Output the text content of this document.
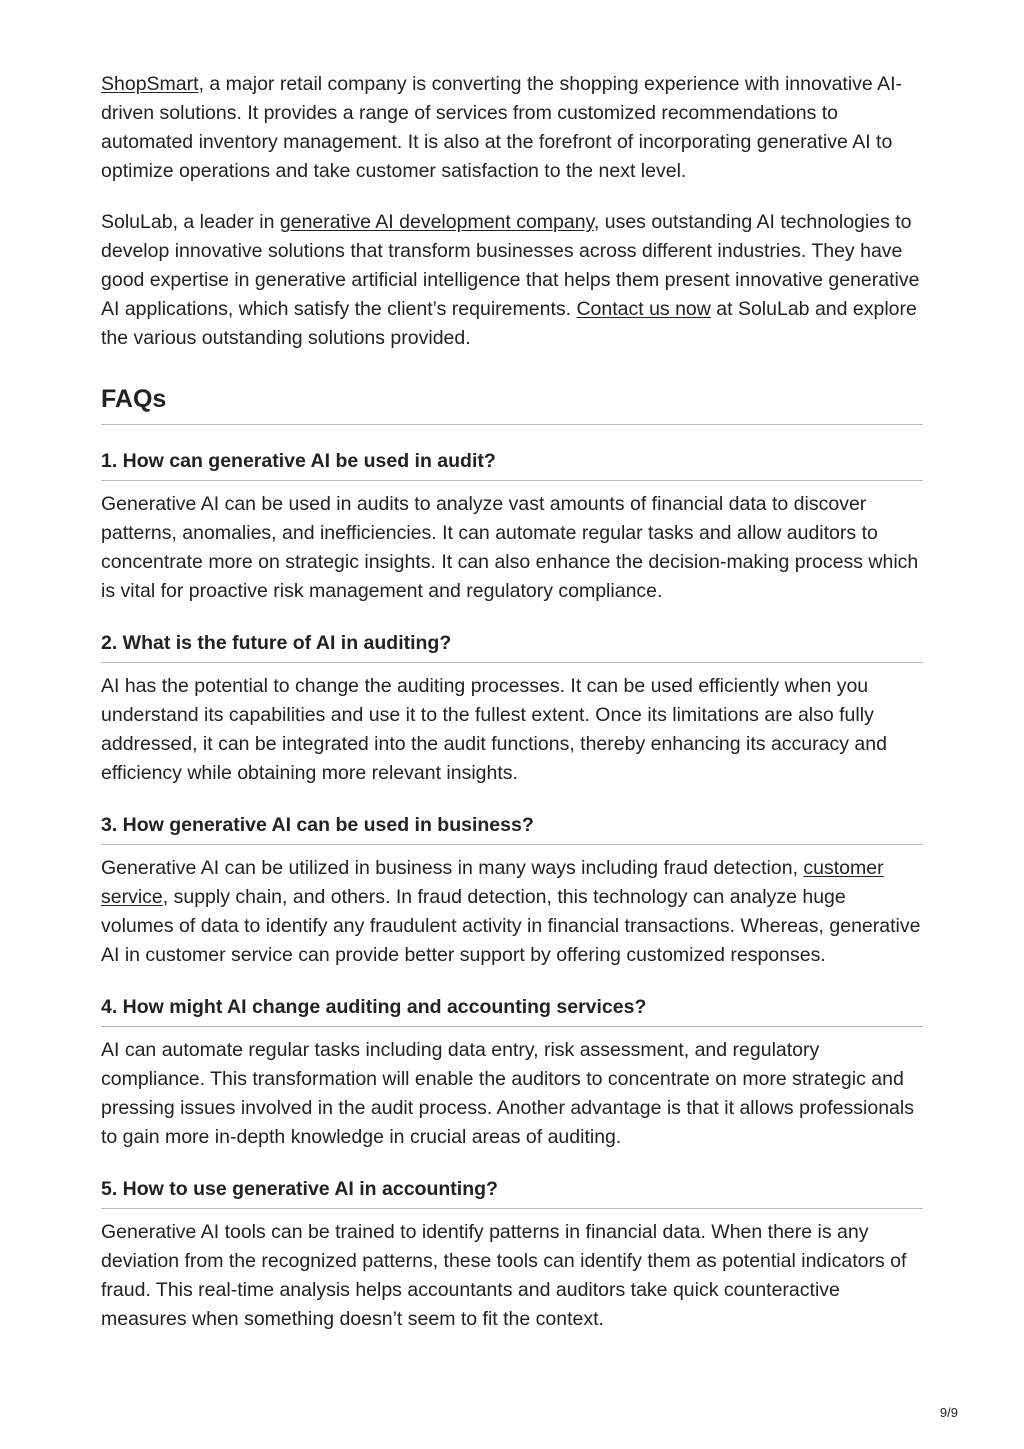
ShopSmart, a major retail company is converting the shopping experience with innovative AI-driven solutions. It provides a range of services from customized recommendations to automated inventory management. It is also at the forefront of incorporating generative AI to optimize operations and take customer satisfaction to the next level.

SoluLab, a leader in generative AI development company, uses outstanding AI technologies to develop innovative solutions that transform businesses across different industries. They have good expertise in generative artificial intelligence that helps them present innovative generative AI applications, which satisfy the client’s requirements. Contact us now at SoluLab and explore the various outstanding solutions provided.

FAQs
1. How can generative AI be used in audit?

Generative AI can be used in audits to analyze vast amounts of financial data to discover patterns, anomalies, and inefficiencies. It can automate regular tasks and allow auditors to concentrate more on strategic insights. It can also enhance the decision-making process which is vital for proactive risk management and regulatory compliance.

2. What is the future of AI in auditing?

AI has the potential to change the auditing processes. It can be used efficiently when you understand its capabilities and use it to the fullest extent. Once its limitations are also fully addressed, it can be integrated into the audit functions, thereby enhancing its accuracy and efficiency while obtaining more relevant insights.

3. How generative AI can be used in business?

Generative AI can be utilized in business in many ways including fraud detection, customer service, supply chain, and others. In fraud detection, this technology can analyze huge volumes of data to identify any fraudulent activity in financial transactions. Whereas, generative AI in customer service can provide better support by offering customized responses.

4. How might AI change auditing and accounting services?

AI can automate regular tasks including data entry, risk assessment, and regulatory compliance. This transformation will enable the auditors to concentrate on more strategic and pressing issues involved in the audit process. Another advantage is that it allows professionals to gain more in-depth knowledge in crucial areas of auditing.

5. How to use generative AI in accounting?

Generative AI tools can be trained to identify patterns in financial data. When there is any deviation from the recognized patterns, these tools can identify them as potential indicators of fraud. This real-time analysis helps accountants and auditors take quick counteractive measures when something doesn’t seem to fit the context.

9/9
